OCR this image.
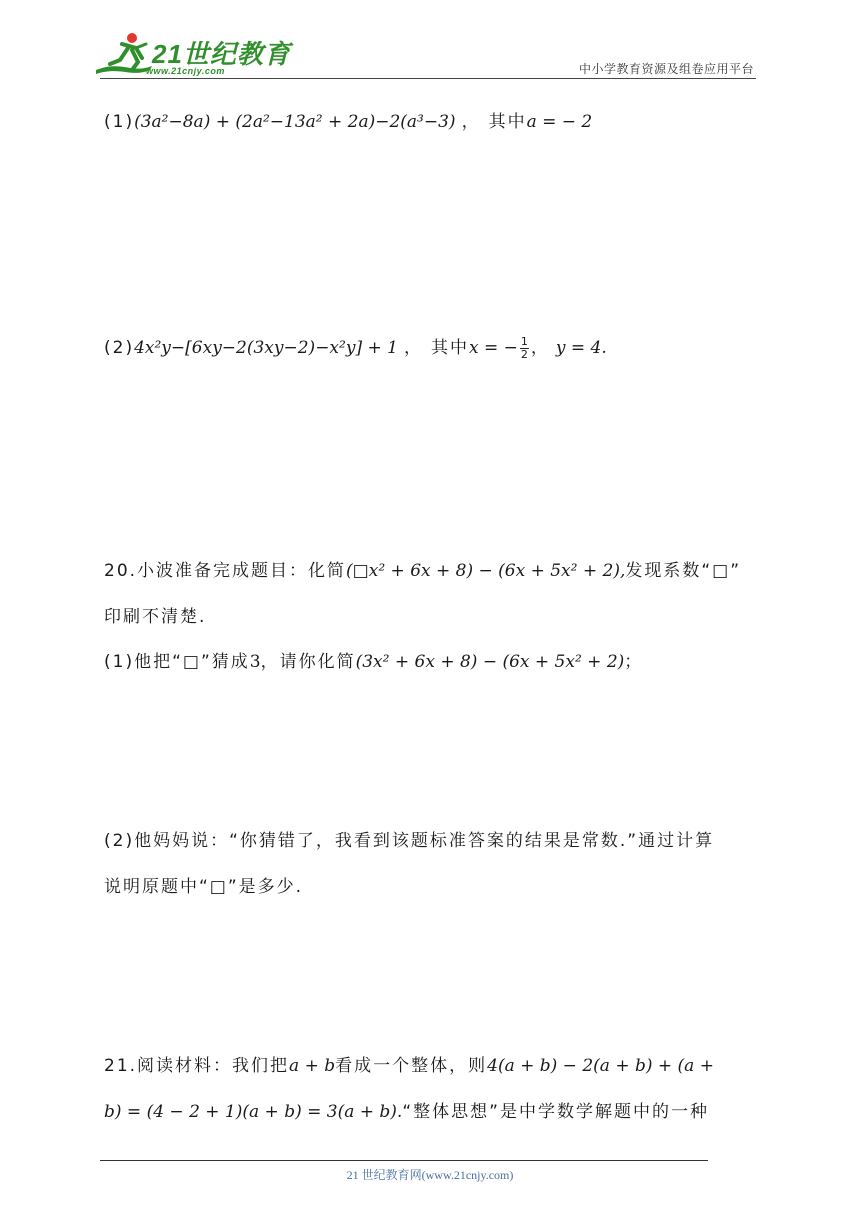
21世纪教育
www.21cnjy.com	中小学教育资源及组卷应用平台
(1)(3a²−8a) + (2a²−13a² + 2a)−2(a³−3) ， 其中a = − 2
(2)4x²y−[6xy−2(3xy−2)−x²y] + 1 ， 其中x = − $\frac{1}{2}$ ， y = 4.
20.小波准备完成题目：化简(□x² + 6x + 8) − (6x + 5x² + 2),发现系数“□”
印刷不清楚.
(1)他把“□”猜成3，请你化简(3x² + 6x + 8) − (6x + 5x² + 2)；
(2)他妈妈说：“你猜错了，我看到该题标准答案的结果是常数.”通过计算
说明原题中“□”是多少.
21.阅读材料：我们把a + b看成一个整体，则4(a + b) − 2(a + b) + (a +
b) = (4 − 2 + 1)(a + b) = 3(a + b).“整体思想”是中学数学解题中的一种
21 世纪教育网(www.21cnjy.com)
